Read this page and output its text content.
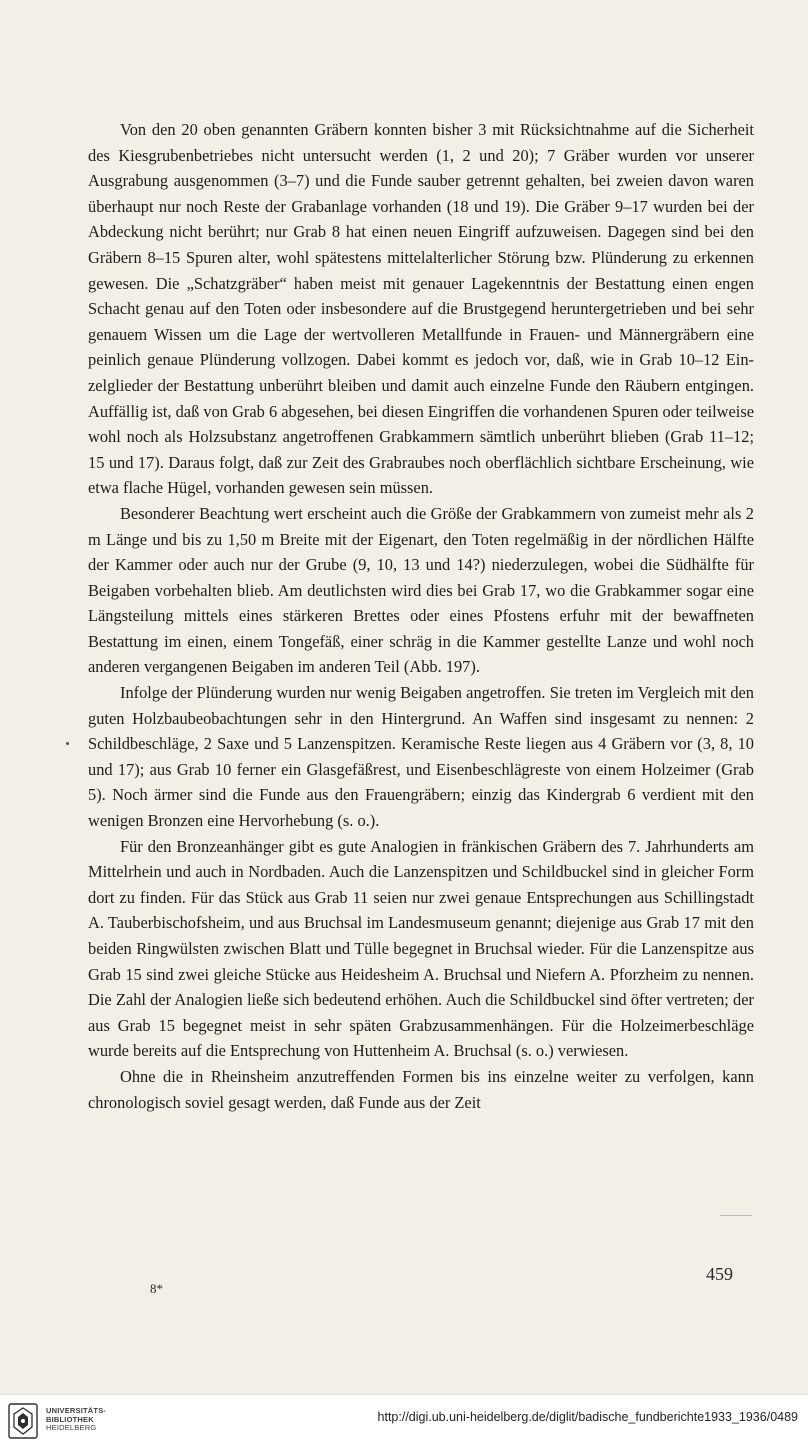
Von den 20 oben genannten Gräbern konnten bisher 3 mit Rücksichtnahme auf die Sicherheit des Kiesgrubenbetriebes nicht untersucht werden (1, 2 und 20); 7 Gräber wurden vor unserer Ausgrabung ausgenommen (3–7) und die Funde sauber getrennt gehalten, bei zweien davon waren überhaupt nur noch Reste der Grabanlage vorhanden (18 und 19). Die Gräber 9–17 wurden bei der Abdeckung nicht berührt; nur Grab 8 hat einen neuen Eingriff aufzuweisen. Dagegen sind bei den Gräbern 8–15 Spuren alter, wohl spätestens mittelalterlicher Störung bzw. Plünderung zu erkennen gewesen. Die „Schatzgräber“ haben meist mit genauer Lagekenntnis der Bestattung einen engen Schacht genau auf den Toten oder insbesondere auf die Brustgegend heruntergetrieben und bei sehr genauem Wissen um die Lage der wertvolleren Metallfunde in Frauen- und Männergräbern eine peinlich genaue Plünderung vollzogen. Dabei kommt es jedoch vor, daß, wie in Grab 10–12 Einzelglieder der Bestattung unberührt bleiben und damit auch einzelne Funde den Räubern entgingen. Auffällig ist, daß von Grab 6 abgesehen, bei diesen Eingriffen die vorhandenen Spuren oder teilweise wohl noch als Holzsubstanz angetroffenen Grabkammern sämtlich unberührt blieben (Grab 11–12; 15 und 17). Daraus folgt, daß zur Zeit des Grabraubes noch oberflächlich sichtbare Erscheinung, wie etwa flache Hügel, vorhanden gewesen sein müssen.

Besonderer Beachtung wert erscheint auch die Größe der Grabkammern von zumeist mehr als 2 m Länge und bis zu 1,50 m Breite mit der Eigenart, den Toten regelmäßig in der nördlichen Hälfte der Kammer oder auch nur der Grube (9, 10, 13 und 14?) niederzulegen, wobei die Südhälfte für Beigaben vorbehalten blieb. Am deutlichsten wird dies bei Grab 17, wo die Grabkammer sogar eine Längsteilung mittels eines stärkeren Brettes oder eines Pfostens erfuhr mit der bewaffneten Bestattung im einen, einem Tongefäß, einer schräg in die Kammer gestellte Lanze und wohl noch anderen vergangenen Beigaben im anderen Teil (Abb. 197).

Infolge der Plünderung wurden nur wenig Beigaben angetroffen. Sie treten im Vergleich mit den guten Holzbaubeobachtungen sehr in den Hintergrund. An Waffen sind insgesamt zu nennen: 2 Schildbeschläge, 2 Saxe und 5 Lanzenspitzen. Keramische Reste liegen aus 4 Gräbern vor (3, 8, 10 und 17); aus Grab 10 ferner ein Glasgefäßrest, und Eisenbeschlägreste von einem Holzeimer (Grab 5). Noch ärmer sind die Funde aus den Frauengräbern; einzig das Kindergrab 6 verdient mit den wenigen Bronzen eine Hervorhebung (s. o.).

Für den Bronzeanhänger gibt es gute Analogien in fränkischen Gräbern des 7. Jahrhunderts am Mittelrhein und auch in Nordbaden. Auch die Lanzenspitzen und Schildbuckel sind in gleicher Form dort zu finden. Für das Stück aus Grab 11 seien nur zwei genaue Entsprechungen aus Schillingstadt A. Tauberbischofsheim, und aus Bruchsal im Landesmuseum genannt; diejenige aus Grab 17 mit den beiden Ringwülsten zwischen Blatt und Tülle begegnet in Bruchsal wieder. Für die Lanzenspitze aus Grab 15 sind zwei gleiche Stücke aus Heidesheim A. Bruchsal und Niefern A. Pforzheim zu nennen. Die Zahl der Analogien ließe sich bedeutend erhöhen. Auch die Schildbuckel sind öfter vertreten; der aus Grab 15 begegnet meist in sehr späten Grabzusammenhängen. Für die Holzeimerbeschläge wurde bereits auf die Entsprechung von Huttenheim A. Bruchsal (s. o.) verwiesen.

Ohne die in Rheinsheim anzutreffenden Formen bis ins einzelne weiter zu verfolgen, kann chronologisch soviel gesagt werden, daß Funde aus der Zeit

459
8*
UNIVERSITÄTS-
BIBLIOTHEK
HEIDELBERG
http://digi.ub.uni-heidelberg.de/diglit/badische_fundberichte1933_1936/0489
